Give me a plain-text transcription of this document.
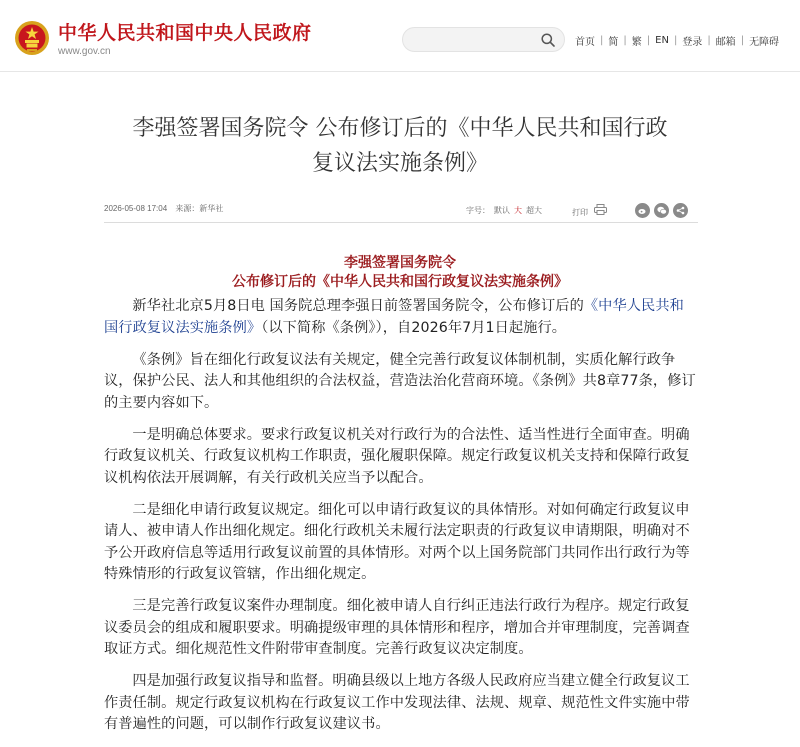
中华人民共和国中央人民政府
www.gov.cn
首页 | 简 | 繁 | EN | 登录 | 邮箱 | 无障碍
李强签署国务院令 公布修订后的《中华人民共和国行政
复议法实施条例》
2026-05-08 17:04 来源：新华社	字号： 默认 大 超大	打印
李强签署国务院令
公布修订后的《中华人民共和国行政复议法实施条例》

新华社北京5月8日电 国务院总理李强日前签署国务院令，公布修订后的《中华人民共和国行政复议法实施条例》（以下简称《条例》），自2026年7月1日起施行。

《条例》旨在细化行政复议法有关规定，健全完善行政复议体制机制，实质化解行政争议，保护公民、法人和其他组织的合法权益，营造法治化营商环境。《条例》共8章77条，修订的主要内容如下。

一是明确总体要求。要求行政复议机关对行政行为的合法性、适当性进行全面审查。明确行政复议机关、行政复议机构工作职责，强化履职保障。规定行政复议机关支持和保障行政复议机构依法开展调解，有关行政机关应当予以配合。

二是细化申请行政复议规定。细化可以申请行政复议的具体情形。对如何确定行政复议申请人、被申请人作出细化规定。细化行政机关未履行法定职责的行政复议申请期限，明确对不予公开政府信息等适用行政复议前置的具体情形。对两个以上国务院部门共同作出行政行为等特殊情形的行政复议管辖，作出细化规定。

三是完善行政复议案件办理制度。细化被申请人自行纠正违法行政行为程序。规定行政复议委员会的组成和履职要求。明确提级审理的具体情形和程序，增加合并审理制度，完善调查取证方式。细化规范性文件附带审查制度。完善行政复议决定制度。

四是加强行政复议指导和监督。明确县级以上地方各级人民政府应当建立健全行政复议工作责任制。规定行政复议机构在行政复议工作中发现法律、法规、规章、规范性文件实施中带有普遍性的问题，可以制作行政复议建议书。
